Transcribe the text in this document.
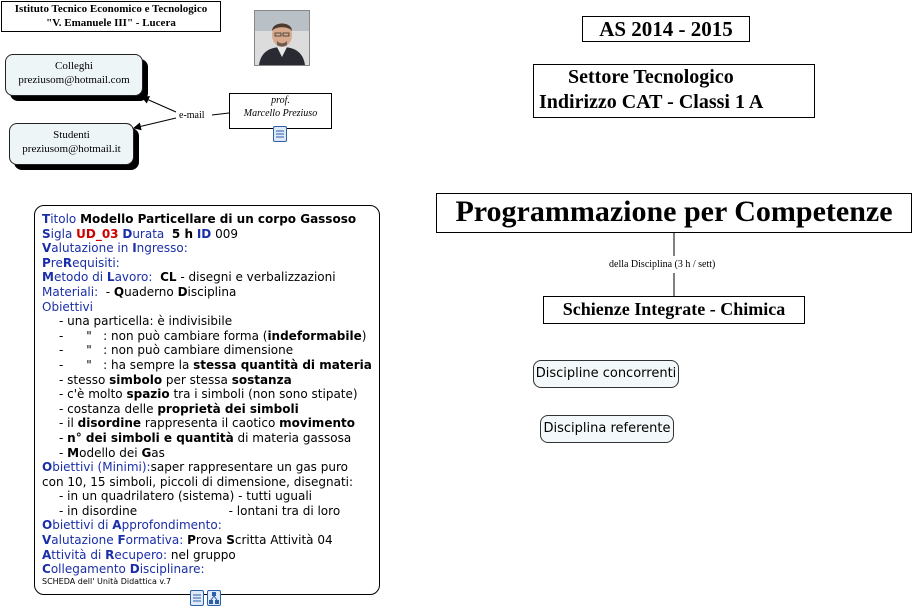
Istituto Tecnico Economico e Tecnologico
"V. Emanuele III" - Lucera
Colleghi
preziusom@hotmail.com
Studenti
preziusom@hotmail.it
e-mail
prof.
Marcello Preziuso
AS 2014 - 2015
Settore Tecnologico
Indirizzo CAT - Classi 1 A
Programmazione per Competenze
della Disciplina (3 h / sett)
Schienze Integrate - Chimica
Discipline concorrenti
Disciplina referente
Titolo Modello Particellare di un corpo Gassoso
Sigla UD_03 Durata 5 h ID 009
Valutazione in Ingresso:
PreRequisiti:
Metodo di Lavoro: CL - disegni e verbalizzazioni
Materiali:  - Quaderno Disciplina
Obiettivi
- una particella: è indivisibile
-      "   : non può cambiare forma (indeformabile)
-      "   : non può cambiare dimensione
-      "   : ha sempre la stessa quantità di materia
- stesso simbolo per stessa sostanza
- c'è molto spazio tra i simboli (non sono stipate)
- costanza delle proprietà dei simboli
- il disordine rappresenta il caotico movimento
- n° dei simboli e quantità di materia gassosa
- Modello dei Gas
Obiettivi (Minimi):saper rappresentare un gas puro
con 10, 15 simboli, piccoli di dimensione, disegnati:
- in un quadrilatero (sistema) - tutti uguali
- in disordine	- lontani tra di loro
Obiettivi di Approfondimento:
Valutazione Formativa: Prova Scritta Attività 04
Attività di Recupero: nel gruppo
Collegamento Disciplinare:
SCHEDA dell' Unità Didattica v.7
